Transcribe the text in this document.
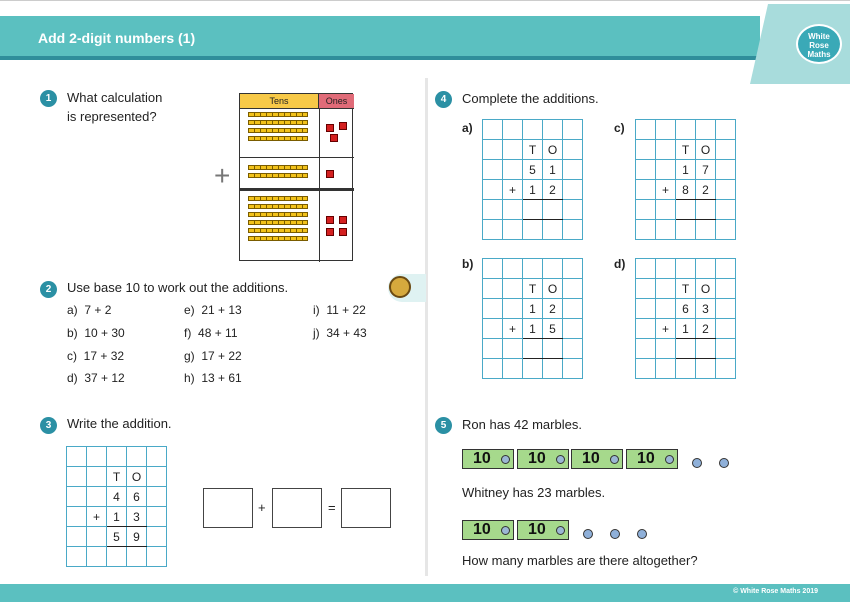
Add 2-digit numbers (1)	White
Rose
Maths
1	What calculation
is represented?
+
Tens	Ones
2	Use base 10 to work out the additions.
a) 7 + 2
b) 10 + 30
c) 17 + 32
d) 37 + 12
e) 21 + 13
f) 48 + 11
g) 17 + 22
h) 13 + 61
i) 11 + 22
j) 34 + 43
3	Write the addition.

		T	O	
		4	6	
	+	1	3	
		5	9	

+	=
4	Complete the additions.
a)

		T	O	
		5	1	
	+	1	2	

c)

		T	O	
		1	7	
	+	8	2	

b)

		T	O	
		1	2	
	+	1	5	

d)

		T	O	
		6	3	
	+	1	2	

5	Ron has 42 marbles.
10	10	10	10
Whitney has 23 marbles.
10	10
How many marbles are there altogether?
© White Rose Maths 2019
